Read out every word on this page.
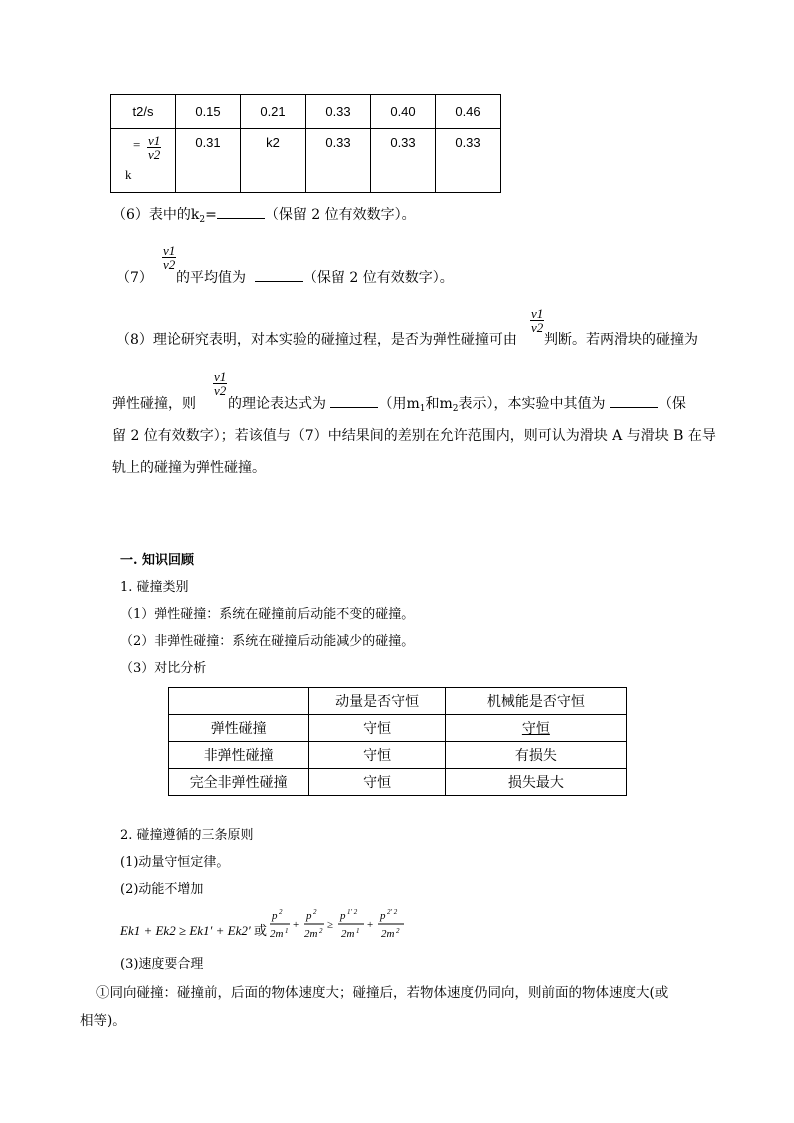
t2/s	0.15	0.21	0.33	0.40	0.46

= $\frac{v1}{v2}$
k	0.31	k2	0.33	0.33	0.33
（6）表中的$k_2=$	（保留 2 位有效数字）。
（7）
$\frac{v1}{v2}$
的平均值为	（保留 2 位有效数字）。
（8）理论研究表明，对本实验的碰撞过程，是否为弹性碰撞可由
$\frac{v1}{v2}$
判断。若两滑块的碰撞为
弹性碰撞，则
$\frac{v1}{v2}$
的理论表达式为	（用$m_1$和$m_2$表示），本实验中其值为	（保
留 2 位有效数字）；若该值与（7）中结果间的差别在允许范围内，则可认为滑块 A 与滑块 B 在导
轨上的碰撞为弹性碰撞。
一. 知识回顾
1. 碰撞类别
（1）弹性碰撞：系统在碰撞前后动能不变的碰撞。
（2）非弹性碰撞：系统在碰撞后动能减少的碰撞。
（3）对比分析
	动量是否守恒	机械能是否守恒
弹性碰撞	守恒	守恒
非弹性碰撞	守恒	有损失
完全非弹性碰撞	守恒	损失最大
2. 碰撞遵循的三条原则
(1)动量守恒定律。
(2)动能不增加
Ek1 + Ek2 ≥ Ek1′ + Ek2′ 或
p 2
2m 1 +
p 2
2m 2 ≥
p 1′ 2
2m 1 +
p 2′ 2
2m 2
(3)速度要合理
①同向碰撞：碰撞前，后面的物体速度大；碰撞后，若物体速度仍同向，则前面的物体速度大(或
相等)。
